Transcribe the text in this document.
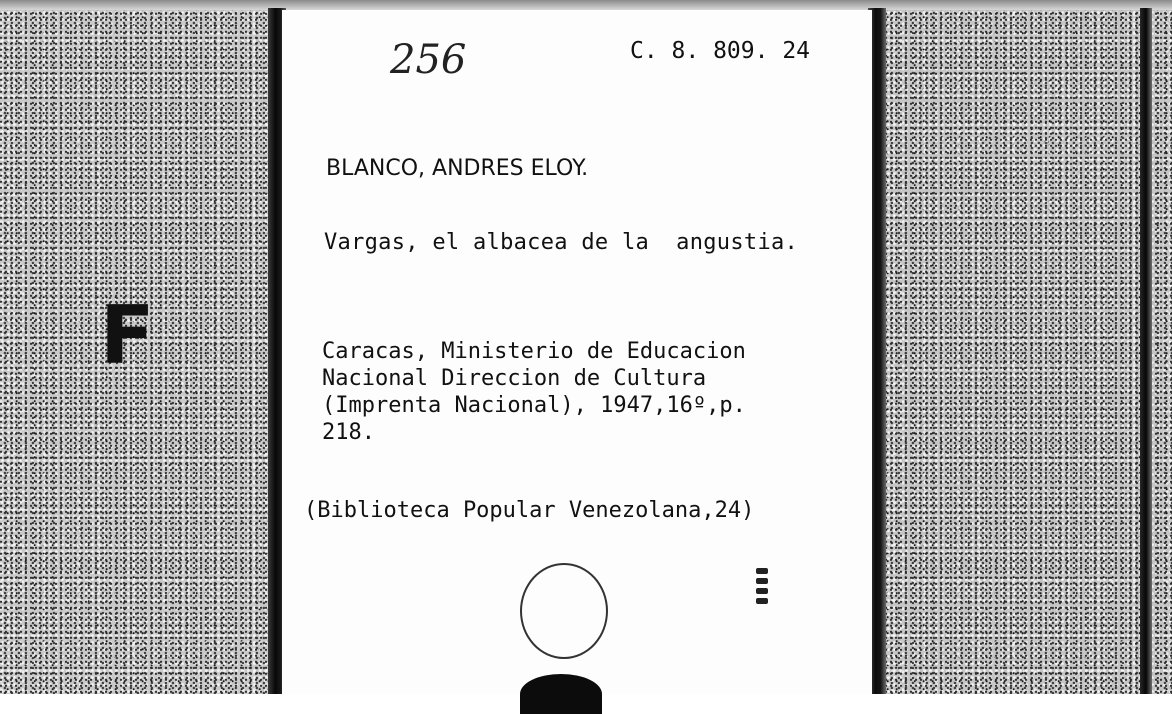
F
ᵕ
256	C. 8. 809. 24
BLANCO, ANDRES ELOY.
Vargas, el albacea de la  angustia.
Caracas, Ministerio de Educacion
Nacional Direccion de Cultura
(Imprenta Nacional), 1947,16º,p.
218.
(Biblioteca Popular Venezolana,24)
